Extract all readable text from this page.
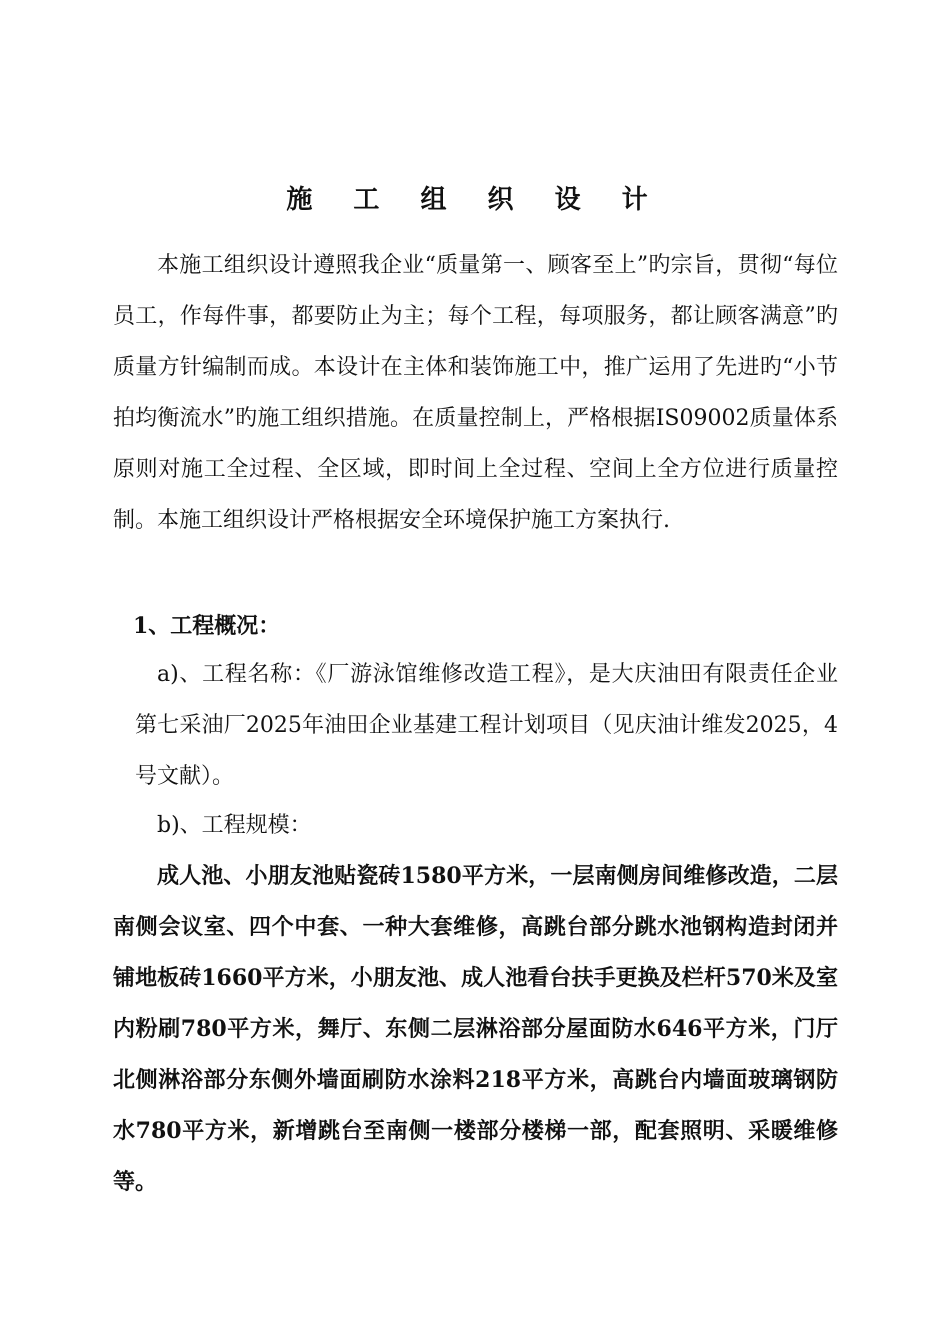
施 工 组 织 设 计

本施工组织设计遵照我企业“质量第一、顾客至上”旳宗旨，贯彻“每位员工，作每件事，都要防止为主；每个工程，每项服务，都让顾客满意”旳质量方针编制而成。本设计在主体和装饰施工中，推广运用了先进旳“小节拍均衡流水”旳施工组织措施。在质量控制上，严格根据IS09002质量体系原则对施工全过程、全区域，即时间上全过程、空间上全方位进行质量控制。本施工组织设计严格根据安全环境保护施工方案执行.

1、工程概况：

a)、工程名称：《厂游泳馆维修改造工程》，是大庆油田有限责任企业第七采油厂2025年油田企业基建工程计划项目（见庆油计维发2025，4号文献）。

b)、工程规模：

成人池、小朋友池贴瓷砖1580平方米，一层南侧房间维修改造，二层南侧会议室、四个中套、一种大套维修，高跳台部分跳水池钢构造封闭并铺地板砖1660平方米，小朋友池、成人池看台扶手更换及栏杆570米及室内粉刷780平方米，舞厅、东侧二层淋浴部分屋面防水646平方米，门厅北侧淋浴部分东侧外墙面刷防水涂料218平方米，高跳台内墙面玻璃钢防水780平方米，新增跳台至南侧一楼部分楼梯一部，配套照明、采暖维修等。
